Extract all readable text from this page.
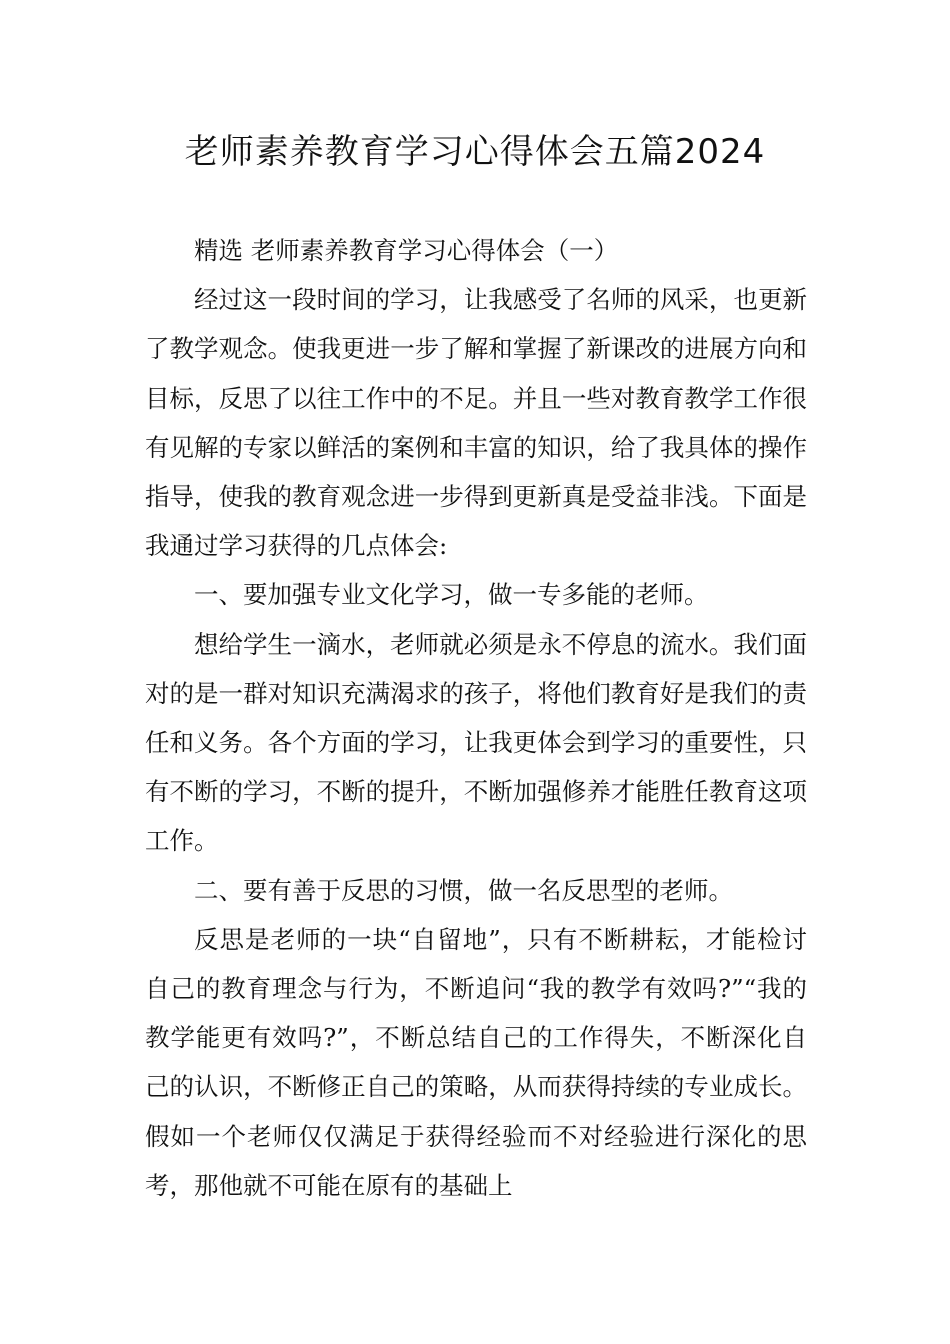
老师素养教育学习心得体会五篇2024

精选 老师素养教育学习心得体会（一）

经过这一段时间的学习，让我感受了名师的风采，也更新了教学观念。使我更进一步了解和掌握了新课改的进展方向和目标，反思了以往工作中的不足。并且一些对教育教学工作很有见解的专家以鲜活的案例和丰富的知识，给了我具体的操作指导，使我的教育观念进一步得到更新真是受益非浅。下面是我通过学习获得的几点体会:

一、要加强专业文化学习，做一专多能的老师。

想给学生一滴水，老师就必须是永不停息的流水。我们面对的是一群对知识充满渴求的孩子，将他们教育好是我们的责任和义务。各个方面的学习，让我更体会到学习的重要性，只有不断的学习，不断的提升，不断加强修养才能胜任教育这项工作。

二、要有善于反思的习惯，做一名反思型的老师。

反思是老师的一块“自留地”，只有不断耕耘，才能检讨自己的教育理念与行为，不断追问“我的教学有效吗?”“我的教学能更有效吗?”，不断总结自己的工作得失，不断深化自己的认识，不断修正自己的策略，从而获得持续的专业成长。假如一个老师仅仅满足于获得经验而不对经验进行深化的思考，那他就不可能在原有的基础上
